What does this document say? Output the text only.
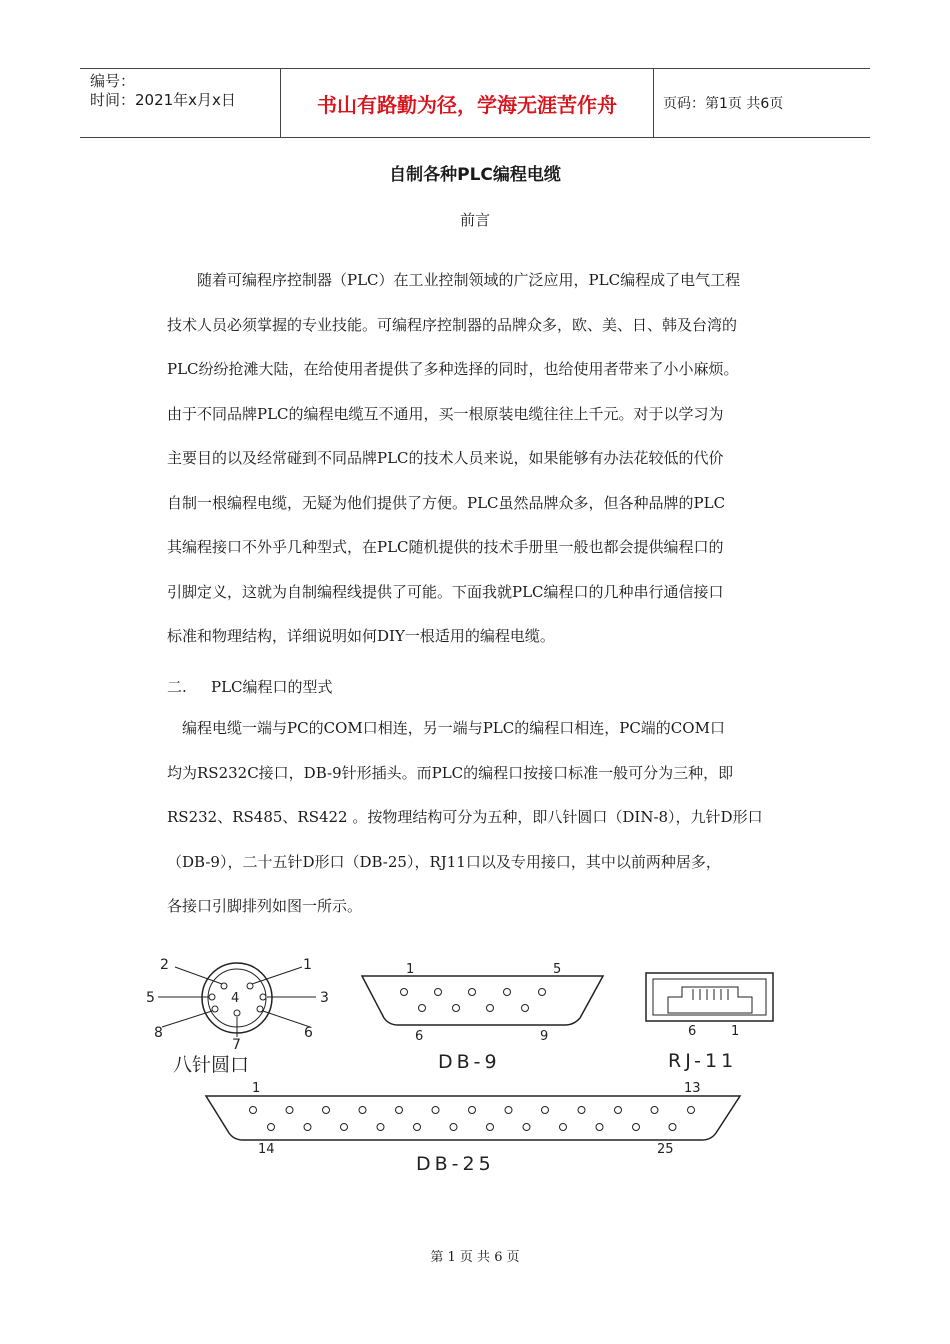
编号：
时间：2021年x月x日	书山有路勤为径，学海无涯苦作舟	页码：第1页 共6页
自制各种PLC编程电缆
前言

　　随着可编程序控制器（PLC）在工业控制领域的广泛应用，PLC编程成了电气工程

技术人员必须掌握的专业技能。可编程序控制器的品牌众多，欧、美、日、韩及台湾的

PLC纷纷抢滩大陆，在给使用者提供了多种选择的同时，也给使用者带来了小小麻烦。

由于不同品牌PLC的编程电缆互不通用，买一根原装电缆往往上千元。对于以学习为

主要目的以及经常碰到不同品牌PLC的技术人员来说，如果能够有办法花较低的代价

自制一根编程电缆，无疑为他们提供了方便。PLC虽然品牌众多，但各种品牌的PLC

其编程接口不外乎几种型式，在PLC随机提供的技术手册里一般也都会提供编程口的

引脚定义，这就为自制编程线提供了可能。下面我就PLC编程口的几种串行通信接口

标准和物理结构，详细说明如何DIY一根适用的编程电缆。

二. PLC编程口的型式

　编程电缆一端与PC的COM口相连，另一端与PLC的编程口相连，PC端的COM口

均为RS232C接口，DB-9针形插头。而PLC的编程口按接口标准一般可分为三种，即

RS232、RS485、RS422 。按物理结构可分为五种，即八针圆口（DIN-8），九针D形口

（DB-9），二十五针D形口（DB-25），RJ11口以及专用接口，其中以前两种居多，

各接口引脚排列如图一所示。

1
2
3
4
5
6
7
8
八针圆口
1	5
6	9
DB-9
6	1
RJ-11
1	13
14	25
DB-25
第 1 页 共 6 页
